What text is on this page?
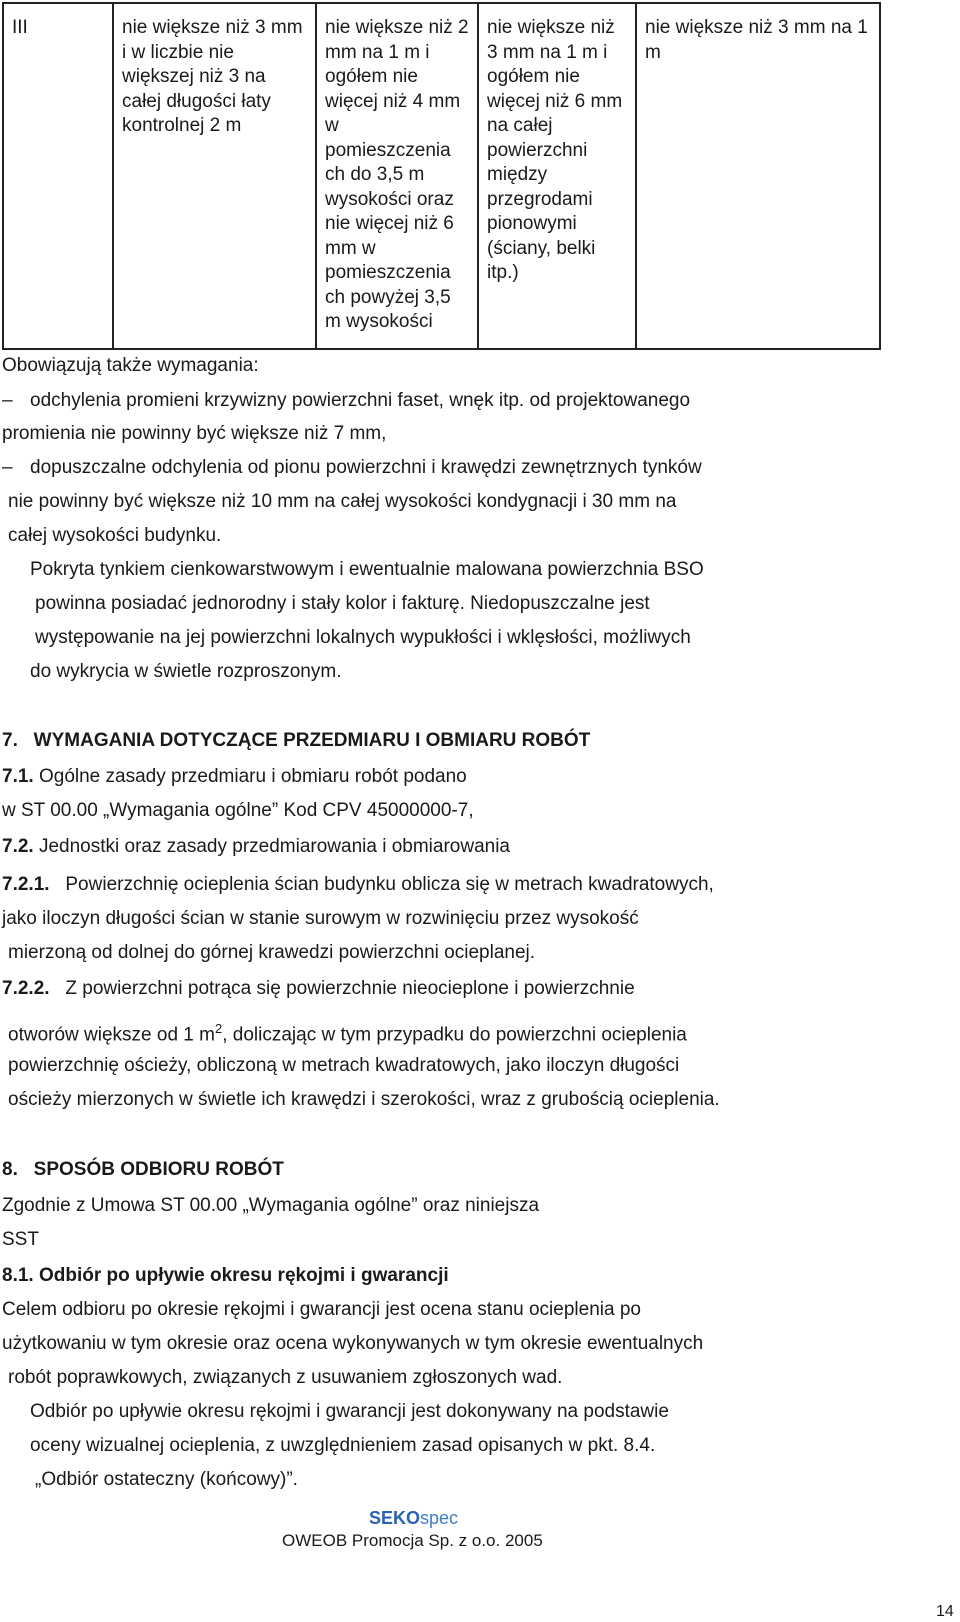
III	nie większe niż 3 mm i w liczbie nie większej niż 3 na całej długości łaty kontrolnej 2 m	nie większe niż 2 mm na 1 m i ogółem nie więcej niż 4 mm w pomieszczenia ch do 3,5 m wysokości oraz nie więcej niż 6 mm w pomieszczenia ch powyżej 3,5 m wysokości	nie większe niż 3 mm na 1 m i ogółem nie więcej niż 6 mm na całej powierzchni między przegrodami pionowymi (ściany, belki itp.)	nie większe niż 3 mm na 1 m
Obowiązują także wymagania:
– odchylenia promieni krzywizny powierzchni faset, wnęk itp. od projektowanego
promienia nie powinny być większe niż 7 mm,
– dopuszczalne odchylenia od pionu powierzchni i krawędzi zewnętrznych tynków
nie powinny być większe niż 10 mm na całej wysokości kondygnacji i 30 mm na
całej wysokości budynku.
Pokryta tynkiem cienkowarstwowym i ewentualnie malowana powierzchnia BSO
powinna posiadać jednorodny i stały kolor i fakturę. Niedopuszczalne jest
występowanie na jej powierzchni lokalnych wypukłości i wklęsłości, możliwych
do wykrycia w świetle rozproszonym.
7.   WYMAGANIA DOTYCZĄCE PRZEDMIARU I OBMIARU ROBÓT
7.1. Ogólne zasady przedmiaru i obmiaru robót podano
w ST 00.00 „Wymagania ogólne” Kod CPV 45000000-7,
7.2. Jednostki oraz zasady przedmiarowania i obmiarowania
7.2.1.   Powierzchnię ocieplenia ścian budynku oblicza się w metrach kwadratowych,
jako iloczyn długości ścian w stanie surowym w rozwinięciu przez wysokość
mierzoną od dolnej do górnej krawedzi powierzchni ocieplanej.
7.2.2.   Z powierzchni potrąca się powierzchnie nieocieplone i powierzchnie
otworów większe od 1 $m^2$, doliczając w tym przypadku do powierzchni ocieplenia
powierzchnię ościeży, obliczoną w metrach kwadratowych, jako iloczyn długości
ościeży mierzonych w świetle ich krawędzi i szerokości, wraz z grubością ocieplenia.
8.   SPOSÓB ODBIORU ROBÓT
Zgodnie z Umowa ST 00.00 „Wymagania ogólne” oraz niniejsza
SST
8.1. Odbiór po upływie okresu rękojmi i gwarancji
Celem odbioru po okresie rękojmi i gwarancji jest ocena stanu ocieplenia po
użytkowaniu w tym okresie oraz ocena wykonywanych w tym okresie ewentualnych
robót poprawkowych, związanych z usuwaniem zgłoszonych wad.
Odbiór po upływie okresu rękojmi i gwarancji jest dokonywany na podstawie
oceny wizualnej ocieplenia, z uwzględnieniem zasad opisanych w pkt. 8.4.
„Odbiór ostateczny (końcowy)”.
SEKOspec
OWEOB Promocja Sp. z o.o. 2005
14
